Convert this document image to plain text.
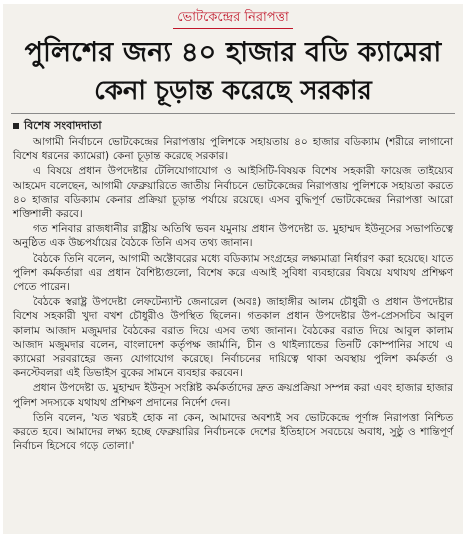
ভোটকেন্দ্রের নিরাপত্তা
পুলিশের জন্য ৪০ হাজার বডি ক্যামেরা
কেনা চূড়ান্ত করেছে সরকার
বিশেষ সংবাদদাতা

আগামী নির্বাচনে ভোটকেন্দ্রের নিরাপত্তায় পুলিশকে সহায়তায় ৪০ হাজার বডিক্যাম (শরীরে লাগানো বিশেষ ধরনের ক্যামেরা) কেনা চূড়ান্ত করেছে সরকার।

এ বিষয়ে প্রধান উপদেষ্টার টেলিযোগাযোগ ও আইসিটি-বিষয়ক বিশেষ সহকারী ফায়েজ তাইয়্যেব আহমেদ বলেছেন, আগামী ফেব্রুয়ারিতে জাতীয় নির্বাচনে ভোটকেন্দ্রের নিরাপত্তায় পুলিশকে সহায়তা করতে ৪০ হাজার বডিক্যাম কেনার প্রক্রিয়া চূড়ান্ত পর্যায়ে রয়েছে। এসব বুদ্ধিপূর্ণ ভোটকেন্দ্রের নিরাপত্তা আরো শক্তিশালী করবে।

গত শনিবার রাজধানীর রাষ্ট্রীয় অতিথি ভবন যমুনায় প্রধান উপদেষ্টা ড. মুহাম্মদ ইউনূসের সভাপতিত্বে অনুষ্ঠিত এক উচ্চপর্যায়ের বৈঠকে তিনি এসব তথ্য জানান।

বৈঠকে তিনি বলেন, আগামী অক্টোবরের মধ্যে বডিক্যাম সংগ্রহের লক্ষ্যমাত্রা নির্ধারণ করা হয়েছে। যাতে পুলিশ কর্মকর্তারা এর প্রধান বৈশিষ্ট্যগুলো, বিশেষ করে এআই সুবিধা ব্যবহারের বিষয়ে যথাযথ প্রশিক্ষণ পেতে পারেন।

বৈঠকে স্বরাষ্ট্র উপদেষ্টা লেফটেন্যান্ট জেনারেল (অবঃ) জাহাঙ্গীর আলম চৌধুরী ও প্রধান উপদেষ্টার বিশেষ সহকারী খুদা বখশ চৌধুরীও উপস্থিত ছিলেন। গতকাল প্রধান উপদেষ্টার উপ-প্রেসসচিব আবুল কালাম আজাদ মজুমদার বৈঠকের বরাত দিয়ে এসব তথ্য জানান। বৈঠকের বরাত দিয়ে আবুল কালাম আজাদ মজুমদার বলেন, বাংলাদেশ কর্তৃপক্ষ জার্মানি, চীন ও থাইল্যান্ডের তিনটি কোম্পানির সাথে এ ক্যামেরা সরবরাহের জন্য যোগাযোগ করেছে। নির্বাচনের দায়িত্বে থাকা অবস্থায় পুলিশ কর্মকর্তা ও কনস্টেবলরা এই ডিভাইস বুকের সামনে ব্যবহার করবেন।

প্রধান উপদেষ্টা ড. মুহাম্মদ ইউনূস সংশ্লিষ্ট কর্মকর্তাদের দ্রুত ক্রয়প্রক্রিয়া সম্পন্ন করা এবং হাজার হাজার পুলিশ সদস্যকে যথাযথ প্রশিক্ষণ প্রদানের নির্দেশ দেন।

তিনি বলেন, 'যত খরচই হোক না কেন, আমাদের অবশ্যই সব ভোটকেন্দ্রে পূর্ণাঙ্গ নিরাপত্তা নিশ্চিত করতে হবে। আমাদের লক্ষ্য হচ্ছে ফেব্রুয়ারির নির্বাচনকে দেশের ইতিহাসে সবচেয়ে অবাধ, সুষ্ঠু ও শান্তিপূর্ণ নির্বাচন হিসেবে গড়ে তোলা।'
